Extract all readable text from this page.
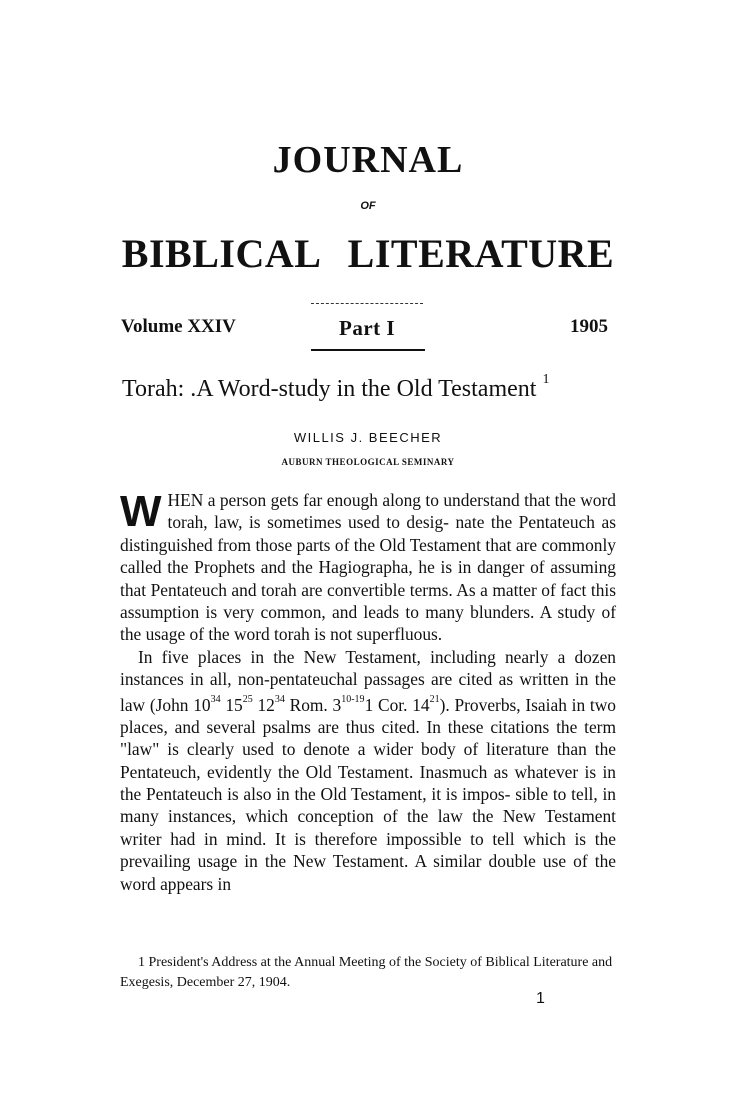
JOURNAL
OF
BIBLICAL LITERATURE
Volume XXIV	Part I	1905
Torah: .A Word-study in the Old Testament $^1$
WILLIS J. BEECHER
AUBURN THEOLOGICAL SEMINARY

WHEN a person gets far enough along to understand that the word torah, law, is sometimes used to desig- nate the Pentateuch as distinguished from those parts of the Old Testament that are commonly called the Prophets and the Hagiographa, he is in danger of assuming that Pentateuch and torah are convertible terms. As a matter of fact this assumption is very common, and leads to many blunders. A study of the usage of the word torah is not superfluous.

In five places in the New Testament, including nearly a dozen instances in all, non-pentateuchal passages are cited as written in the law (John $10^{34}$ $15^{25}$ $12^{34}$ Rom. 3$^{10-19}$1 Cor. $14^{21}$). Proverbs, Isaiah in two places, and several psalms are thus cited. In these citations the term "law" is clearly used to denote a wider body of literature than the Pentateuch, evidently the Old Testament. Inasmuch as whatever is in the Pentateuch is also in the Old Testament, it is impos- sible to tell, in many instances, which conception of the law the New Testament writer had in mind. It is therefore impossible to tell which is the prevailing usage in the New Testament. A similar double use of the word appears in

1 President's Address at the Annual Meeting of the Society of Biblical Literature and Exegesis, December 27, 1904.
1
